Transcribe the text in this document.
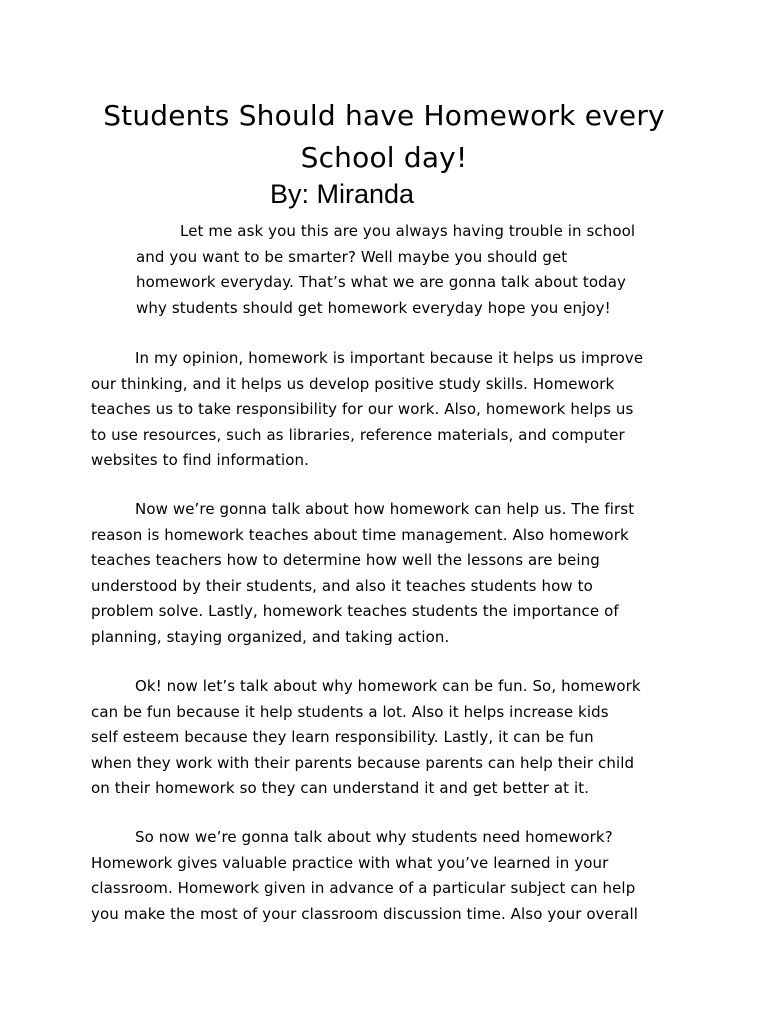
Students Should have Homework every
School day!
By: Miranda
Let me ask you this are you always having trouble in school
and you want to be smarter? Well maybe you should get
homework everyday. That’s what we are gonna talk about today
why students should get homework everyday hope you enjoy!
In my opinion, homework is important because it helps us improve
our thinking, and it helps us develop positive study skills. Homework
teaches us to take responsibility for our work. Also, homework helps us
to use resources, such as libraries, reference materials, and computer
websites to find information.
Now we’re gonna talk about how homework can help us. The first
reason is homework teaches about time management. Also homework
teaches teachers how to determine how well the lessons are being
understood by their students, and also it teaches students how to
problem solve. Lastly, homework teaches students the importance of
planning, staying organized, and taking action.
Ok! now let’s talk about why homework can be fun. So, homework
can be fun because it help students a lot. Also it helps increase kids
self esteem because they learn responsibility. Lastly, it can be fun
when they work with their parents because parents can help their child
on their homework so they can understand it and get better at it.
So now we’re gonna talk about why students need homework?
Homework gives valuable practice with what you’ve learned in your
classroom. Homework given in advance of a particular subject can help
you make the most of your classroom discussion time. Also your overall
